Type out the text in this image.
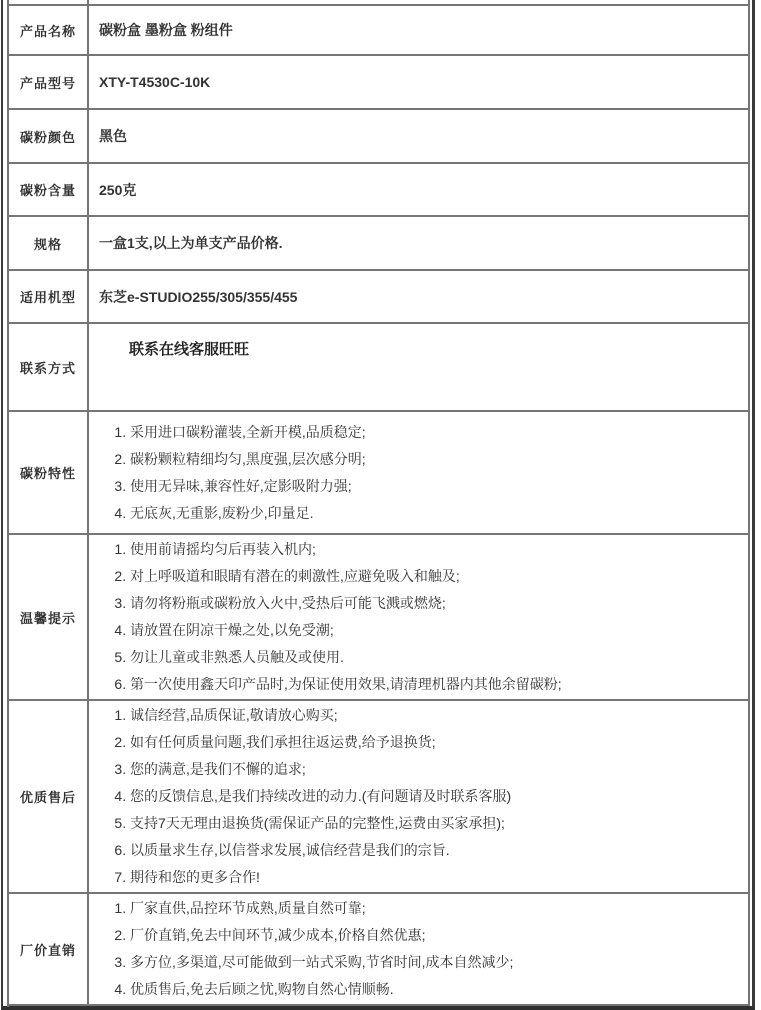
产品名称	碳粉盒 墨粉盒 粉组件
产品型号	XTY-T4530C-10K
碳粉颜色	黑色
碳粉含量	250克
规格	一盒1支,以上为单支产品价格.
适用机型	东芝e-STUDIO255/305/355/455
联系方式	联系在线客服旺旺
碳粉特性	
1. 采用进口碳粉灌装,全新开模,品质稳定;
2. 碳粉颗粒精细均匀,黑度强,层次感分明;
3. 使用无异味,兼容性好,定影吸附力强;
4. 无底灰,无重影,废粉少,印量足.

温馨提示	
1. 使用前请摇均匀后再装入机内;
2. 对上呼吸道和眼睛有潜在的刺激性,应避免吸入和触及;
3. 请勿将粉瓶或碳粉放入火中,受热后可能飞溅或燃烧;
4. 请放置在阴凉干燥之处,以免受潮;
5. 勿让儿童或非熟悉人员触及或使用.
6. 第一次使用鑫天印产品时,为保证使用效果,请清理机器内其他余留碳粉;

优质售后	
1. 诚信经营,品质保证,敬请放心购买;
2. 如有任何质量问题,我们承担往返运费,给予退换货;
3. 您的满意,是我们不懈的追求;
4. 您的反馈信息,是我们持续改进的动力.(有问题请及时联系客服)
5. 支持7天无理由退换货(需保证产品的完整性,运费由买家承担);
6. 以质量求生存,以信誉求发展,诚信经营是我们的宗旨.
7. 期待和您的更多合作!

厂价直销	
1. 厂家直供,品控环节成熟,质量自然可靠;
2. 厂价直销,免去中间环节,减少成本,价格自然优惠;
3. 多方位,多渠道,尽可能做到一站式采购,节省时间,成本自然减少;
4. 优质售后,免去后顾之忧,购物自然心情顺畅.
